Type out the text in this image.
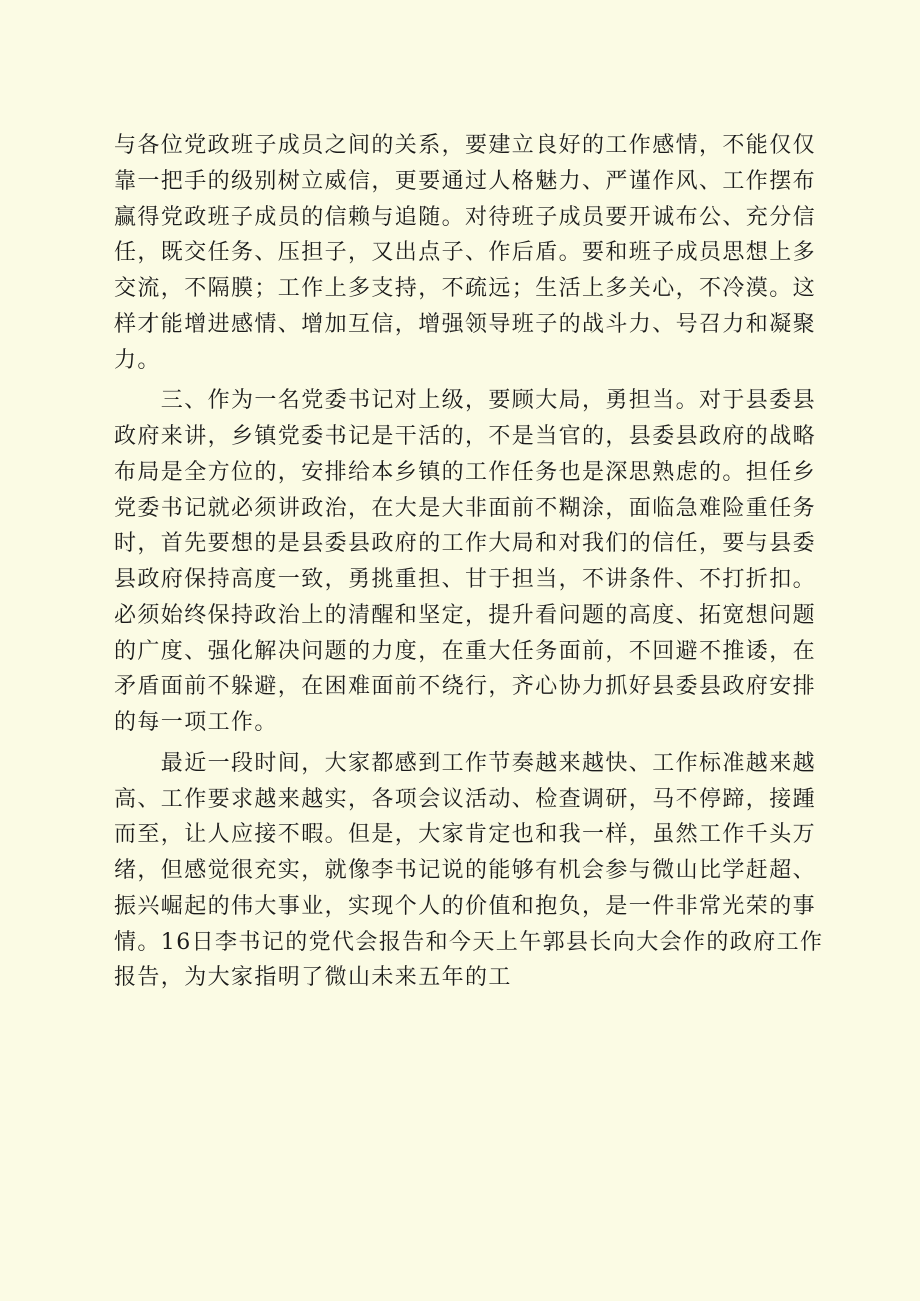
与各位党政班子成员之间的关系，要建立良好的工作感情，不能仅仅
靠一把手的级别树立威信，更要通过人格魅力、严谨作风、工作摆布
赢得党政班子成员的信赖与追随。对待班子成员要开诚布公、充分信
任，既交任务、压担子，又出点子、作后盾。要和班子成员思想上多
交流，不隔膜；工作上多支持，不疏远；生活上多关心，不冷漠。这
样才能增进感情、增加互信，增强领导班子的战斗力、号召力和凝聚
力。
　　三、作为一名党委书记对上级，要顾大局，勇担当。对于县委县
政府来讲，乡镇党委书记是干活的，不是当官的，县委县政府的战略
布局是全方位的，安排给本乡镇的工作任务也是深思熟虑的。担任乡
党委书记就必须讲政治，在大是大非面前不糊涂，面临急难险重任务
时，首先要想的是县委县政府的工作大局和对我们的信任，要与县委
县政府保持高度一致，勇挑重担、甘于担当，不讲条件、不打折扣。
必须始终保持政治上的清醒和坚定，提升看问题的高度、拓宽想问题
的广度、强化解决问题的力度，在重大任务面前，不回避不推诿，在
矛盾面前不躲避，在困难面前不绕行，齐心协力抓好县委县政府安排
的每一项工作。
　　最近一段时间，大家都感到工作节奏越来越快、工作标准越来越
高、工作要求越来越实，各项会议活动、检查调研，马不停蹄，接踵
而至，让人应接不暇。但是，大家肯定也和我一样，虽然工作千头万
绪，但感觉很充实，就像李书记说的能够有机会参与微山比学赶超、
振兴崛起的伟大事业，实现个人的价值和抱负，是一件非常光荣的事
情。16日李书记的党代会报告和今天上午郭县长向大会作的政府工作
报告，为大家指明了微山未来五年的工
